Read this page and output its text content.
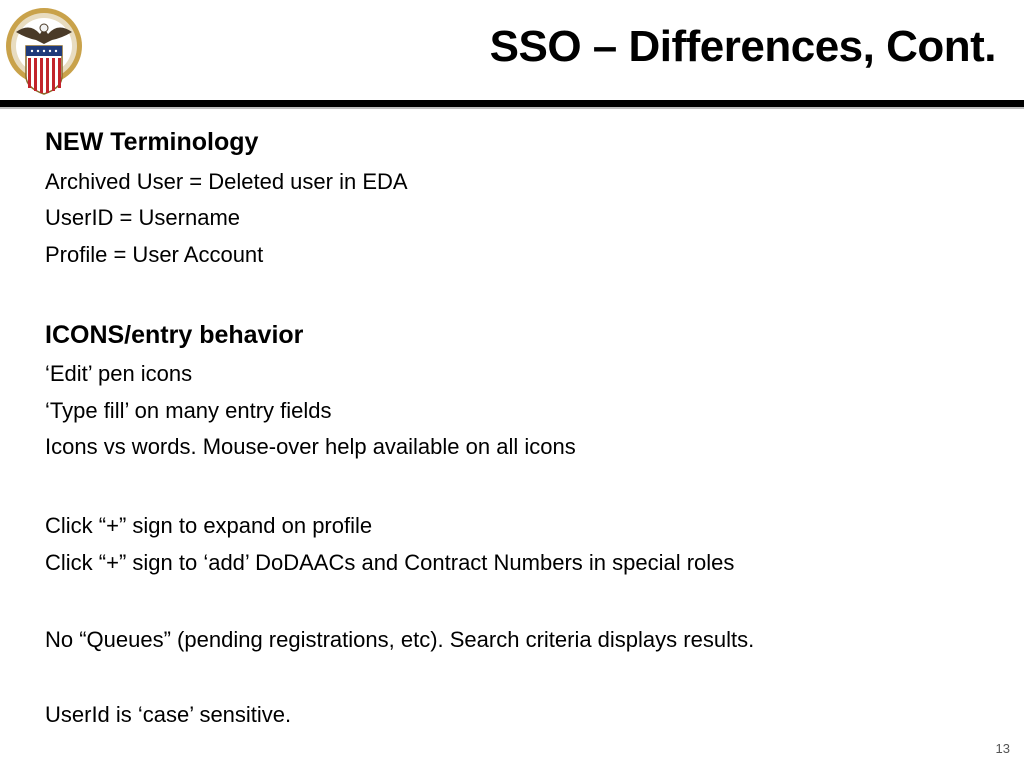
SSO – Differences, Cont.
NEW Terminology
Archived User = Deleted user in EDA
UserID = Username
Profile = User Account
ICONS/entry behavior
‘Edit’ pen icons
‘Type fill’ on many entry fields
Icons vs words. Mouse-over help available on all icons
Click “+” sign to expand on profile
Click “+” sign to ‘add’ DoDAACs and Contract Numbers in special roles
No “Queues” (pending registrations, etc). Search criteria displays results.
UserId is ‘case’ sensitive.
13
